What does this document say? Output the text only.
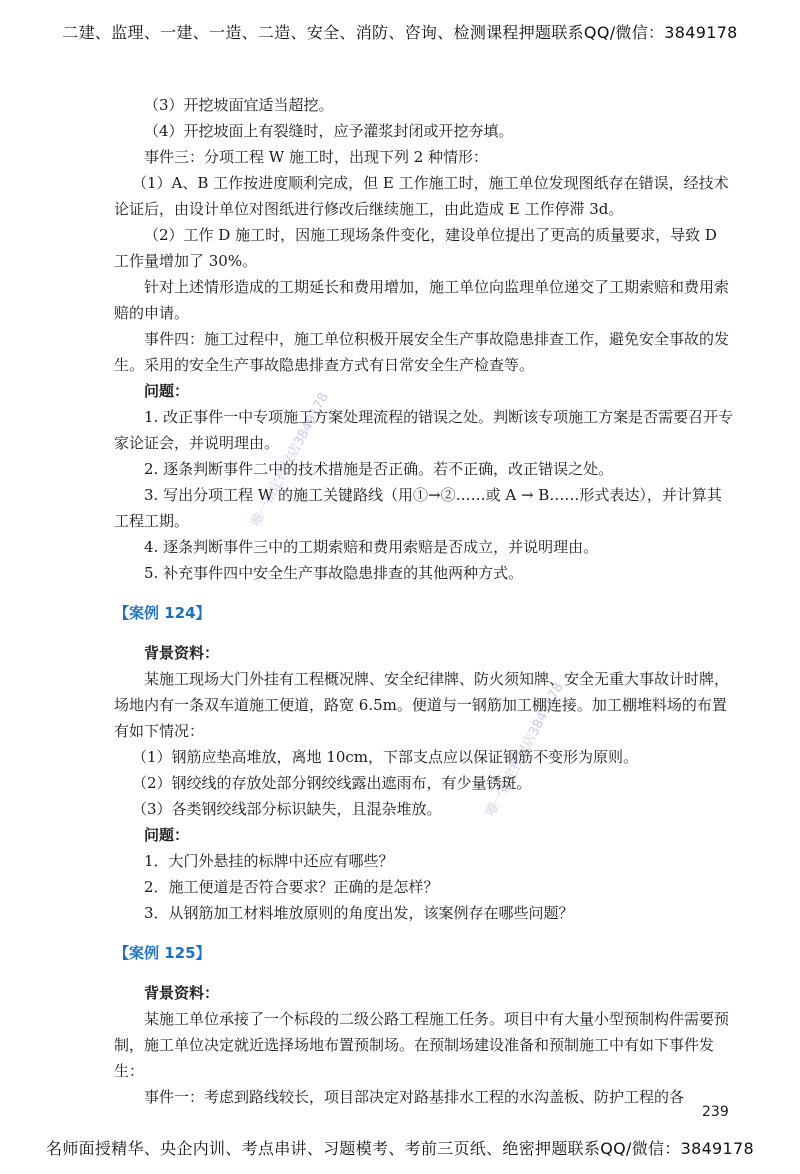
二建、监理、一建、一造、二造、安全、消防、咨询、检测课程押题联系QQ/微信：3849178
唯一指定授权店3849178
唯一指定授权店3849178

（3）开挖坡面宜适当超挖。

（4）开挖坡面上有裂缝时，应予灌浆封闭或开挖夯填。

事件三：分项工程 W 施工时，出现下列 2 种情形：

（1）A、B 工作按进度顺利完成，但 E 工作施工时，施工单位发现图纸存在错误，经技术论证后，由设计单位对图纸进行修改后继续施工，由此造成 E 工作停滞 3d。

（2）工作 D 施工时，因施工现场条件变化，建设单位提出了更高的质量要求，导致 D 工作量增加了 30%。

针对上述情形造成的工期延长和费用增加，施工单位向监理单位递交了工期索赔和费用索赔的申请。

事件四：施工过程中，施工单位积极开展安全生产事故隐患排查工作，避免安全事故的发生。采用的安全生产事故隐患排查方式有日常安全生产检查等。

问题：

1. 改正事件一中专项施工方案处理流程的错误之处。判断该专项施工方案是否需要召开专家论证会，并说明理由。

2. 逐条判断事件二中的技术措施是否正确。若不正确，改正错误之处。

3. 写出分项工程 W 的施工关键路线（用①→②……或 A → B……形式表达），并计算其工程工期。

4. 逐条判断事件三中的工期索赔和费用索赔是否成立，并说明理由。

5. 补充事件四中安全生产事故隐患排查的其他两种方式。

【案例 124】

背景资料：

某施工现场大门外挂有工程概况牌、安全纪律牌、防火须知牌、安全无重大事故计时牌，场地内有一条双车道施工便道，路宽 6.5m。便道与一钢筋加工棚连接。加工棚堆料场的布置有如下情况：

（1）钢筋应垫高堆放，离地 10cm，下部支点应以保证钢筋不变形为原则。

（2）钢绞线的存放处部分钢绞线露出遮雨布，有少量锈斑。

（3）各类钢绞线部分标识缺失，且混杂堆放。

问题：

1．大门外悬挂的标牌中还应有哪些？

2．施工便道是否符合要求？正确的是怎样？

3．从钢筋加工材料堆放原则的角度出发，该案例存在哪些问题？

【案例 125】

背景资料：

某施工单位承接了一个标段的二级公路工程施工任务。项目中有大量小型预制构件需要预制，施工单位决定就近选择场地布置预制场。在预制场建设准备和预制施工中有如下事件发生：

事件一：考虑到路线较长，项目部决定对路基排水工程的水沟盖板、防护工程的各

239
名师面授精华、央企内训、考点串讲、习题模考、考前三页纸、绝密押题联系QQ/微信：3849178
